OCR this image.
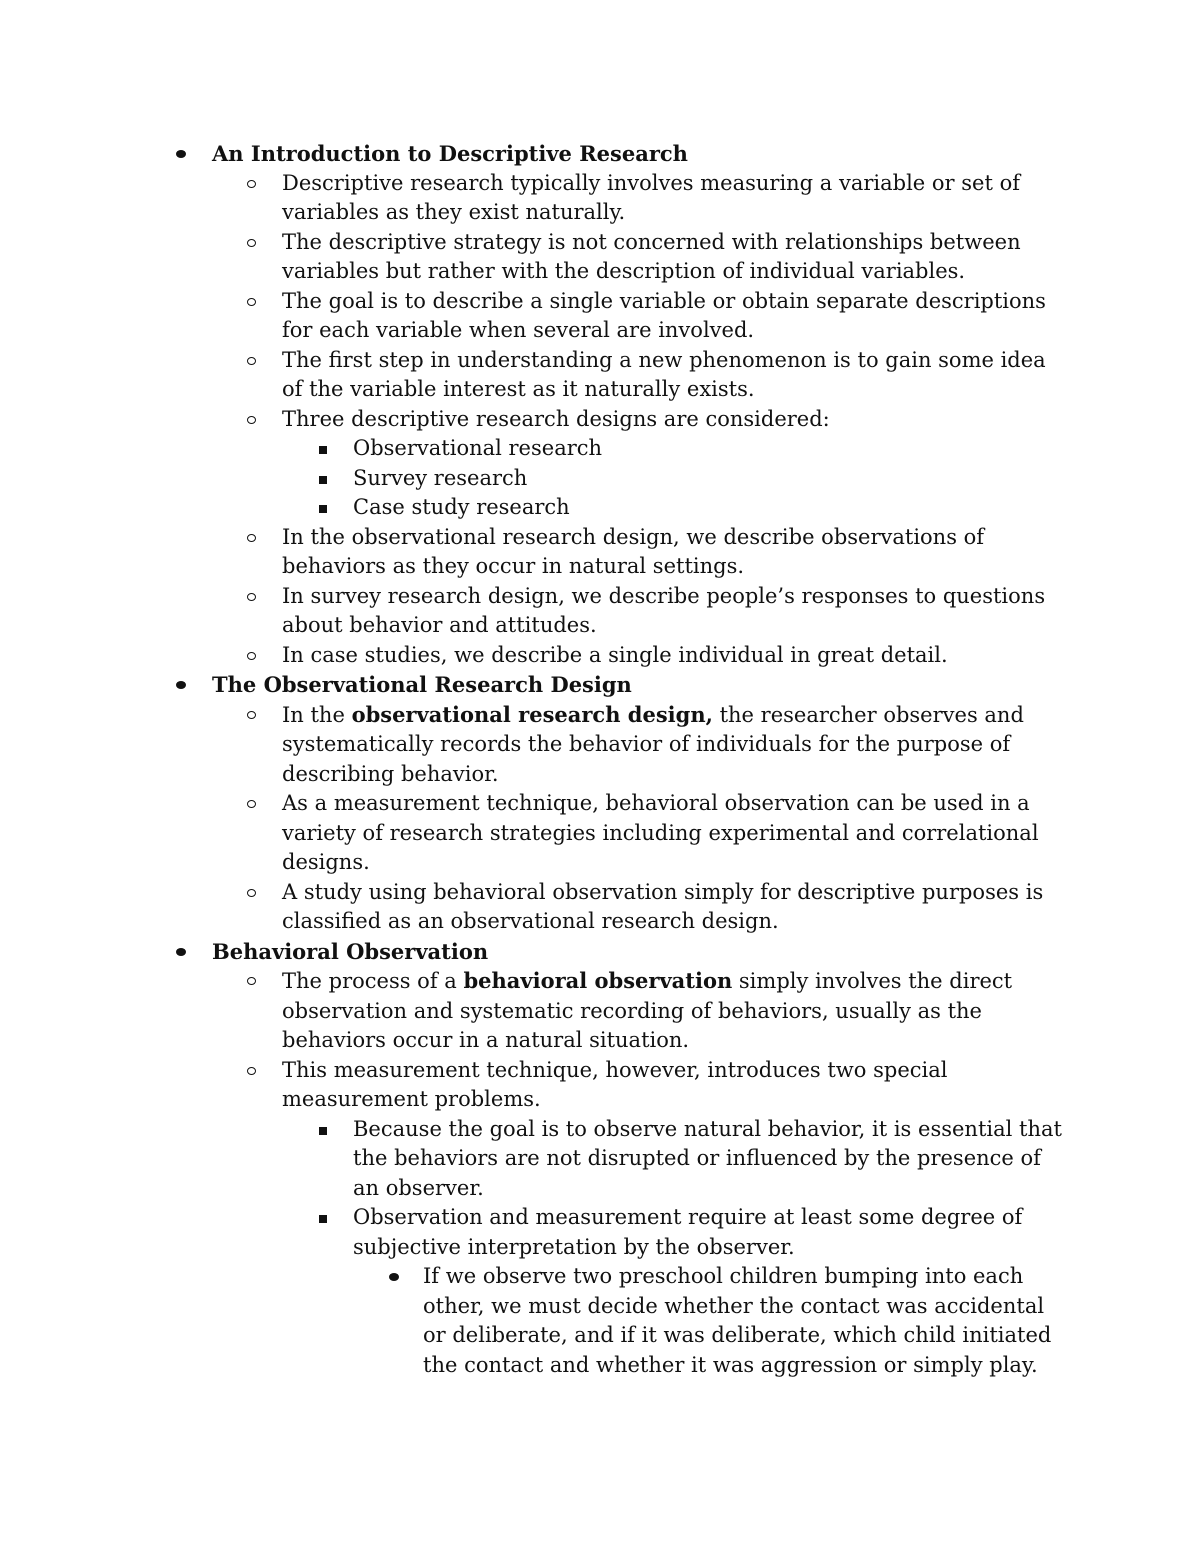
An Introduction to Descriptive Research
Descriptive research typically involves measuring a variable or set of variables as they exist naturally.
The descriptive strategy is not concerned with relationships between variables but rather with the description of individual variables.
The goal is to describe a single variable or obtain separate descriptions for each variable when several are involved.
The first step in understanding a new phenomenon is to gain some idea of the variable interest as it naturally exists.
Three descriptive research designs are considered:
Observational research
Survey research
Case study research
In the observational research design, we describe observations of behaviors as they occur in natural settings.
In survey research design, we describe people’s responses to questions about behavior and attitudes.
In case studies, we describe a single individual in great detail.
The Observational Research Design
In the observational research design, the researcher observes and systematically records the behavior of individuals for the purpose of describing behavior.
As a measurement technique, behavioral observation can be used in a variety of research strategies including experimental and correlational designs.
A study using behavioral observation simply for descriptive purposes is classified as an observational research design.
Behavioral Observation
The process of a behavioral observation simply involves the direct observation and systematic recording of behaviors, usually as the behaviors occur in a natural situation.
This measurement technique, however, introduces two special measurement problems.
Because the goal is to observe natural behavior, it is essential that the behaviors are not disrupted or influenced by the presence of an observer.
Observation and measurement require at least some degree of subjective interpretation by the observer.
If we observe two preschool children bumping into each other, we must decide whether the contact was accidental or deliberate, and if it was deliberate, which child initiated the contact and whether it was aggression or simply play.
